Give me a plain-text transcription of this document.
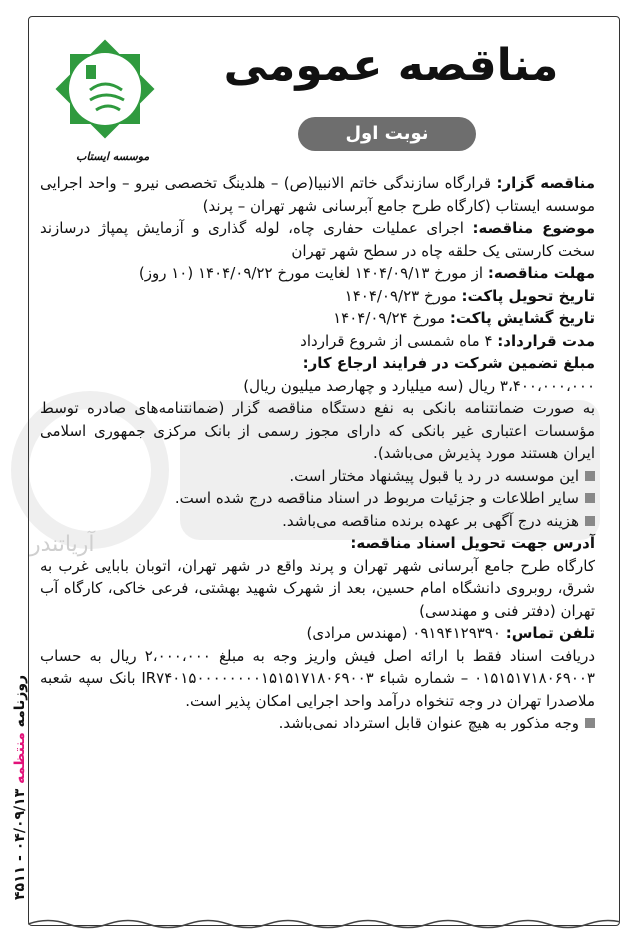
آریاتندر
مناقصه عمومی
نوبت اول
موسسه ایستاب

مناقصه گزار: قرارگاه سازندگی خاتم الانبیا(ص) – هلدینگ تخصصی نیرو – واحد اجرایی موسسه ایستاب (کارگاه طرح جامع آبرسانی شهر تهران – پرند)

موضوع مناقصه: اجرای عملیات حفاری چاه، لوله گذاری و آزمایش پمپاژ درسازند سخت کارستی یک حلقه چاه در سطح شهر تهران

مهلت مناقصه: از مورخ ۱۴۰۴/۰۹/۱۳ لغایت مورخ ۱۴۰۴/۰۹/۲۲ (۱۰ روز)

تاریخ تحویل پاکت: مورخ ۱۴۰۴/۰۹/۲۳

تاریخ گشایش پاکت: مورخ ۱۴۰۴/۰۹/۲۴

مدت قرارداد: ۴ ماه شمسی از شروع قرارداد

مبلغ تضمین شرکت در فرایند ارجاع کار:

۳،۴۰۰،۰۰۰،۰۰۰ ریال (سه میلیارد و چهارصد میلیون ریال)

به صورت ضمانتنامه بانکی به نفع دستگاه مناقصه گزار (ضمانتنامه‌های صادره توسط مؤسسات اعتباری غیر بانکی که دارای مجوز رسمی از بانک مرکزی جمهوری اسلامی ایران هستند مورد پذیرش می‌باشد).

این موسسه در رد یا قبول پیشنهاد مختار است.

سایر اطلاعات و جزئیات مربوط در اسناد مناقصه درج شده است.

هزینه درج آگهی بر عهده برنده مناقصه می‌باشد.

آدرس جهت تحویل اسناد مناقصه:

کارگاه طرح جامع آبرسانی شهر تهران و پرند واقع در شهر تهران، اتوبان بابایی غرب به شرق، روبروی دانشگاه امام حسین، بعد از شهرک شهید بهشتی، فرعی خاکی، کارگاه آب تهران (دفتر فنی و مهندسی)

تلفن تماس: ۰۹۱۹۴۱۲۹۳۹۰ (مهندس مرادی)

دریافت اسناد فقط با ارائه اصل فیش واریز وجه به مبلغ ۲،۰۰۰،۰۰۰ ریال به حساب ۰۱۵۱۵۱۷۱۸۰۶۹۰۰۳ – شماره شباء IR۷۴۰۱۵۰۰۰۰۰۰۰۰۱۵۱۵۱۷۱۸۰۶۹۰۰۳ بانک سپه شعبه ملاصدرا تهران در وجه تنخواه درآمد واحد اجرایی امکان پذیر است.

وجه مذکور به هیچ عنوان قابل استرداد نمی‌باشد.

روزنامه منتظمه ۰۴/۰۹/۱۳ - ۴۵۱۱
